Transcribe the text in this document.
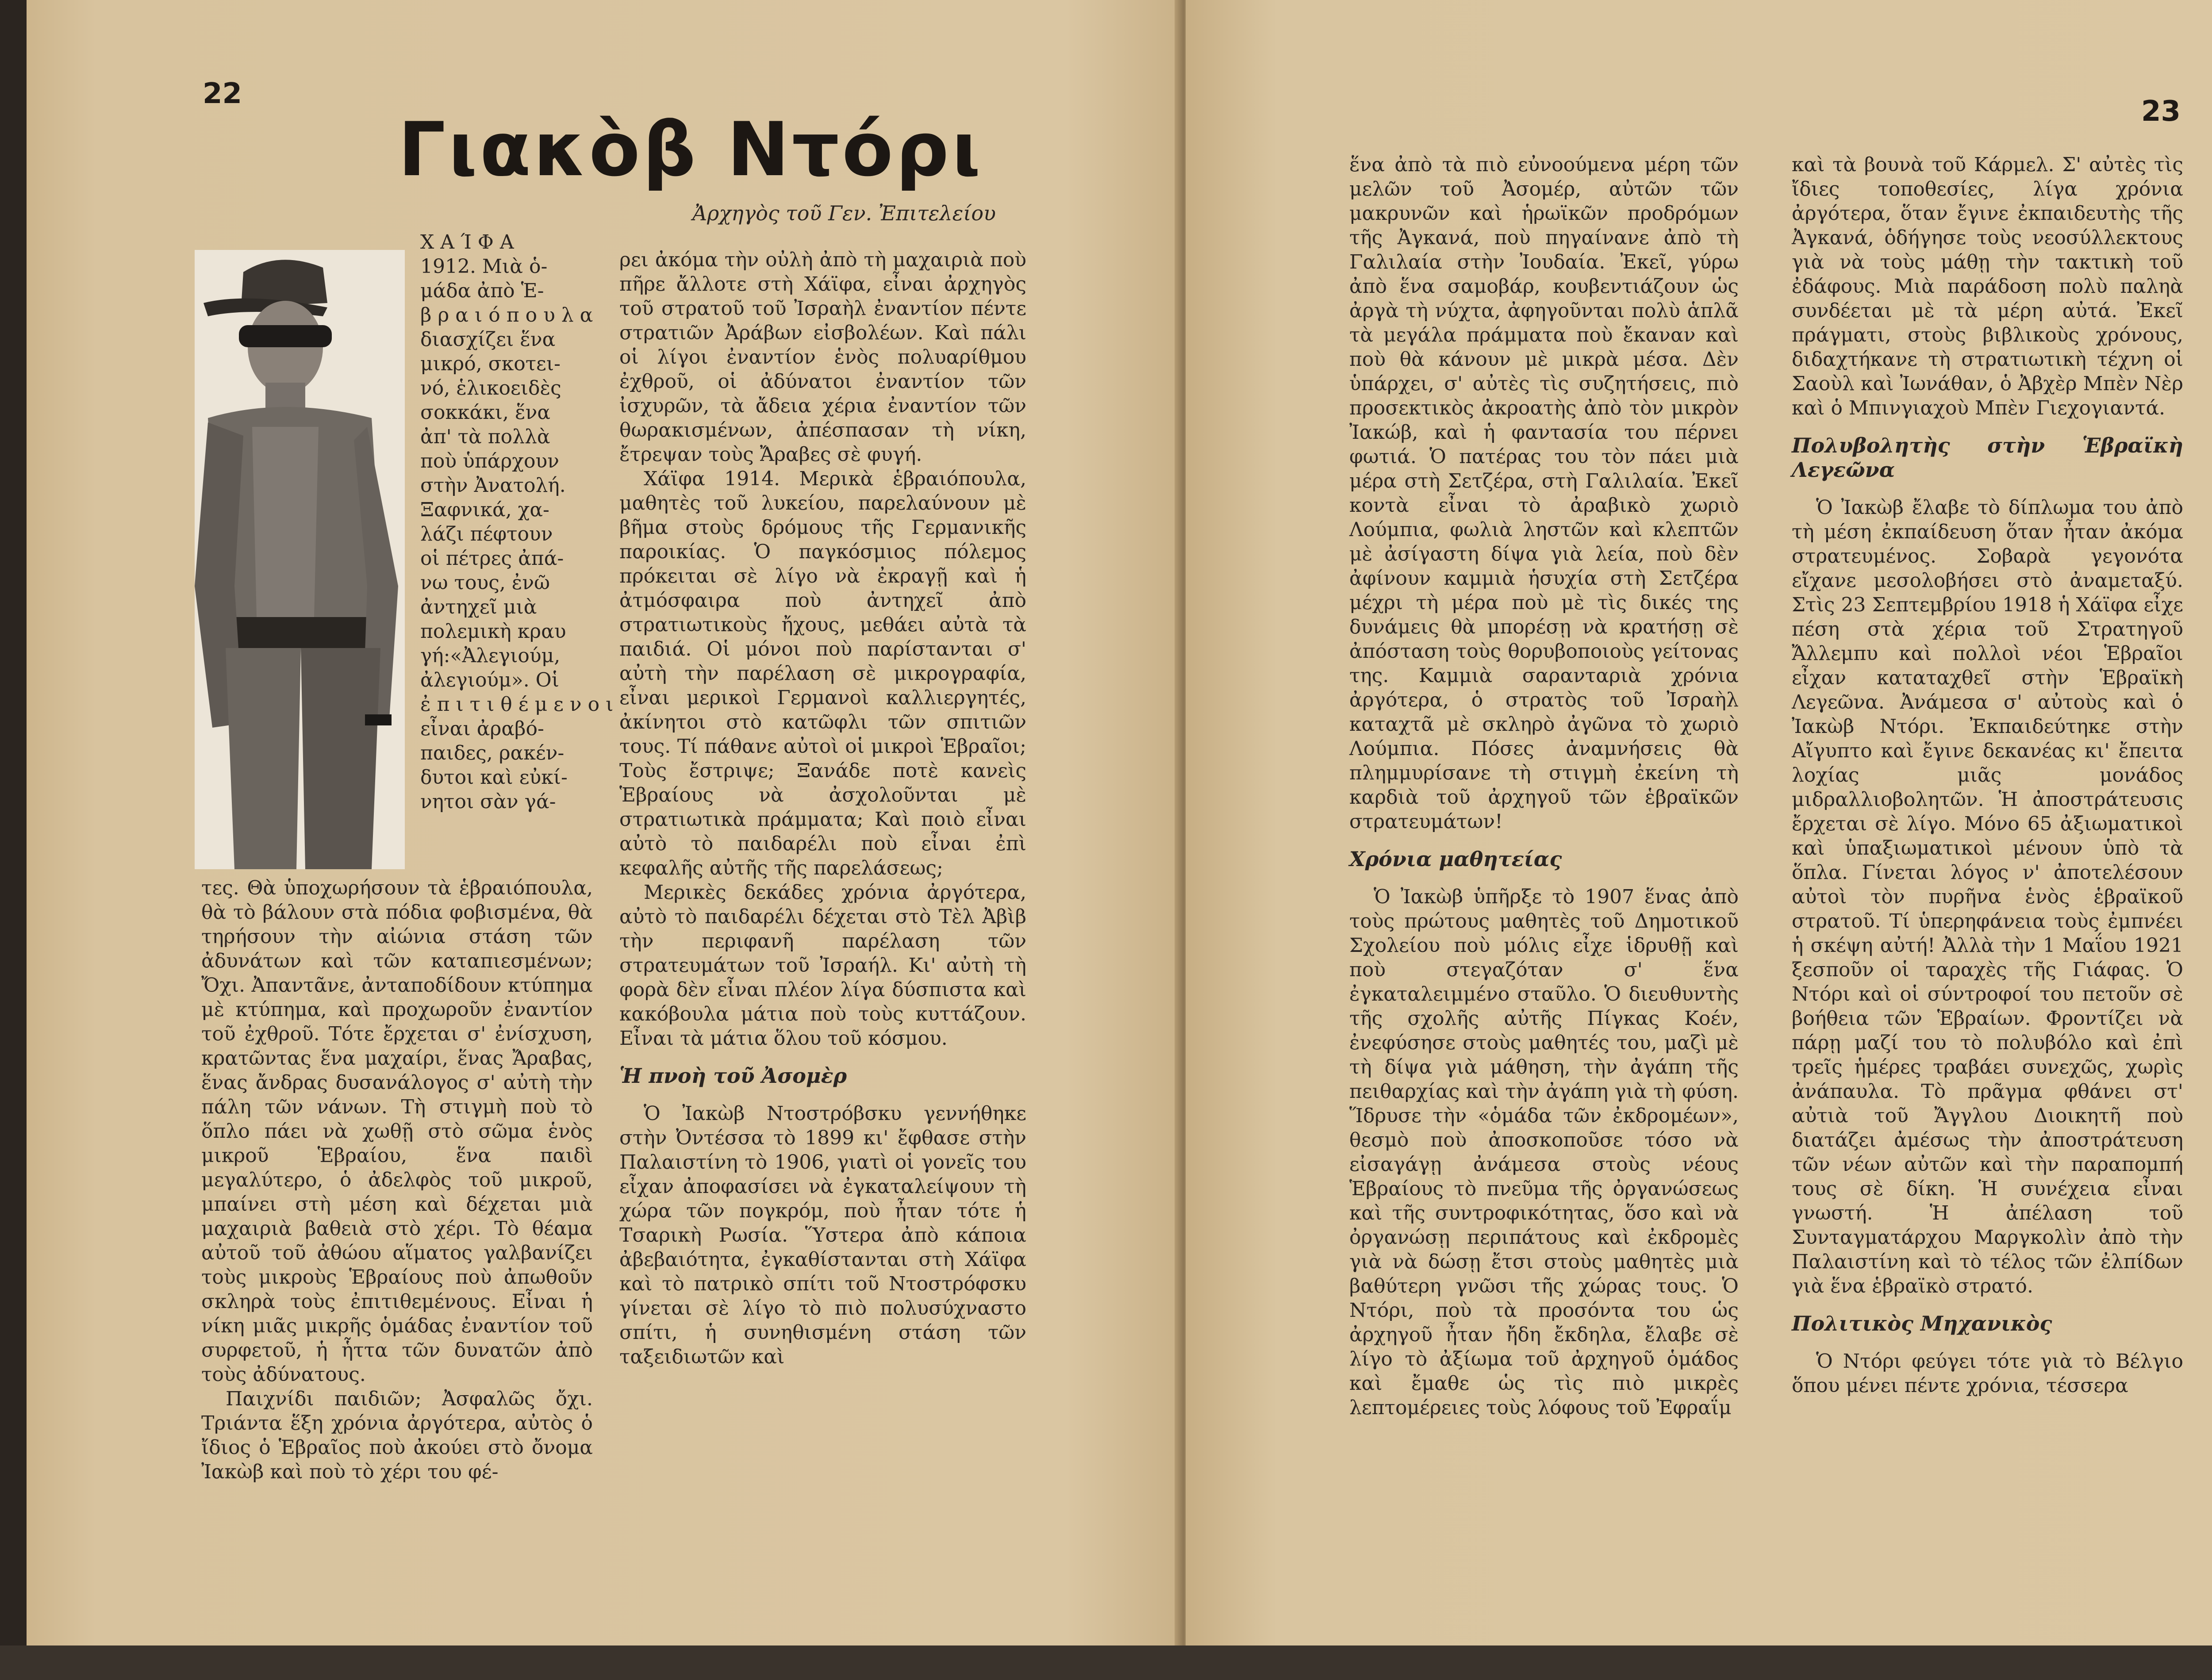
22
Γιακὸβ Ντόρι
Ἀρχηγὸς τοῦ Γεν. Ἐπιτελείου
Χ Α Ί Φ Α
1912. Μιὰ ὁ-
μάδα ἀπὸ Ἑ-
β ρ α ι ό π ο υ λ α
διασχίζει ἕνα
μικρό, σκοτει-
νό, ἑλικοειδὲς
σοκκάκι, ἕνα
ἀπ' τὰ πολλὰ
ποὺ ὑπάρχουν
στὴν Ἀνατολή.
Ξαφνικά, χα-
λάζι πέφτουν
οἱ πέτρες ἀπά-
νω τους, ἐνῶ
ἀντηχεῖ μιὰ
πολεμικὴ κραυ
γή:«Ἀλεγιούμ,
ἀλεγιούμ». Οἱ
ἐ π ι τ ι θ έ μ ε ν ο ι
εἶναι ἀραβό-
παιδες, ρακέν-
δυτοι καὶ εὐκί-
νητοι σὰν γά-

τες. Θὰ ὑποχωρήσουν τὰ ἑβραιόπουλα, θὰ τὸ βάλουν στὰ πόδια φοβισμένα, θὰ τηρήσουν τὴν αἰώνια στάση τῶν ἀδυνάτων καὶ τῶν καταπιεσμένων; Ὄχι. Ἀπαντᾶνε, ἀνταποδίδουν κτύπημα μὲ κτύπημα, καὶ προχωροῦν ἐναντίον τοῦ ἐχθροῦ. Τότε ἔρχεται σ' ἐνίσχυση, κρατῶντας ἕνα μαχαίρι, ἕνας Ἄραβας, ἕνας ἄνδρας δυσανάλογος σ' αὐτὴ τὴν πάλη τῶν νάνων. Τὴ στιγμὴ ποὺ τὸ ὅπλο πάει νὰ χωθῇ στὸ σῶμα ἑνὸς μικροῦ Ἑβραίου, ἕνα παιδὶ μεγαλύτερο, ὁ ἀδελφὸς τοῦ μικροῦ, μπαίνει στὴ μέση καὶ δέχεται μιὰ μαχαιριὰ βαθειὰ στὸ χέρι. Τὸ θέαμα αὐτοῦ τοῦ ἀθώου αἵματος γαλβανίζει τοὺς μικροὺς Ἑβραίους ποὺ ἀπωθοῦν σκληρὰ τοὺς ἐπιτιθεμένους. Εἶναι ἡ νίκη μιᾶς μικρῆς ὁμάδας ἐναντίον τοῦ συρφετοῦ, ἡ ἧττα τῶν δυνατῶν ἀπὸ τοὺς ἀδύνατους.

Παιχνίδι παιδιῶν; Ἀσφαλῶς ὄχι. Τριάντα ἕξη χρόνια ἀργότερα, αὐτὸς ὁ ἴδιος ὁ Ἑβραῖος ποὺ ἀκούει στὸ ὄνομα Ἰακὼβ καὶ ποὺ τὸ χέρι του φέ-

ρει ἀκόμα τὴν οὐλὴ ἀπὸ τὴ μαχαιριὰ ποὺ πῆρε ἄλλοτε στὴ Χάϊφα, εἶναι ἀρχηγὸς τοῦ στρατοῦ τοῦ Ἰσραὴλ ἐναντίον πέντε στρατιῶν Ἀράβων εἰσβολέων. Καὶ πάλι οἱ λίγοι ἐναντίον ἑνὸς πολυαρίθμου ἐχθροῦ, οἱ ἀδύνατοι ἐναντίον τῶν ἰσχυρῶν, τὰ ἄδεια χέρια ἐναντίον τῶν θωρακισμένων, ἀπέσπασαν τὴ νίκη, ἔτρεψαν τοὺς Ἄραβες σὲ φυγή.

Χάϊφα 1914. Μερικὰ ἑβραιόπουλα, μαθητὲς τοῦ λυκείου, παρελαύνουν μὲ βῆμα στοὺς δρόμους τῆς Γερμανικῆς παροικίας. Ὁ παγκόσμιος πόλεμος πρόκειται σὲ λίγο νὰ ἐκραγῇ καὶ ἡ ἀτμόσφαιρα ποὺ ἀντηχεῖ ἀπὸ στρατιωτικοὺς ἤχους, μεθάει αὐτὰ τὰ παιδιά. Οἱ μόνοι ποὺ παρίστανται σ' αὐτὴ τὴν παρέλαση σὲ μικρογραφία, εἶναι μερικοὶ Γερμανοὶ καλλιεργητές, ἀκίνητοι στὸ κατῶφλι τῶν σπιτιῶν τους. Τί πάθανε αὐτοὶ οἱ μικροὶ Ἑβραῖοι; Τοὺς ἔστριψε; Ξανάδε ποτὲ κανεὶς Ἑβραίους νὰ ἀσχολοῦνται μὲ στρατιωτικὰ πράμματα; Καὶ ποιὸ εἶναι αὐτὸ τὸ παιδαρέλι ποὺ εἶναι ἐπὶ κεφαλῆς αὐτῆς τῆς παρελάσεως;

Μερικὲς δεκάδες χρόνια ἀργότερα, αὐτὸ τὸ παιδαρέλι δέχεται στὸ Τὲλ Ἀβὶβ τὴν περιφανῆ παρέλαση τῶν στρατευμάτων τοῦ Ἰσραήλ. Κι' αὐτὴ τὴ φορὰ δὲν εἶναι πλέον λίγα δύσπιστα καὶ κακόβουλα μάτια ποὺ τοὺς κυττάζουν. Εἶναι τὰ μάτια ὅλου τοῦ κόσμου.

Ἡ πνοὴ τοῦ Ἀσομὲρ

Ὁ Ἰακὼβ Ντοστρόβσκυ γεννήθηκε στὴν Ὀντέσσα τὸ 1899 κι' ἔφθασε στὴν Παλαιστίνη τὸ 1906, γιατὶ οἱ γονεῖς του εἶχαν ἀποφασίσει νὰ ἐγκαταλείψουν τὴ χώρα τῶν πογκρόμ, ποὺ ἦταν τότε ἡ Τσαρικὴ Ρωσία. Ὕστερα ἀπὸ κάποια ἀβεβαιότητα, ἐγκαθίστανται στὴ Χάϊφα καὶ τὸ πατρικὸ σπίτι τοῦ Ντοστρόφσκυ γίνεται σὲ λίγο τὸ πιὸ πολυσύχναστο σπίτι, ἡ συνηθισμένη στάση τῶν ταξειδιωτῶν καὶ

23

ἕνα ἀπὸ τὰ πιὸ εὐνοούμενα μέρη τῶν μελῶν τοῦ Ἀσομέρ, αὐτῶν τῶν μακρυνῶν καὶ ἡρωϊκῶν προδρόμων τῆς Ἀγκανά, ποὺ πηγαίνανε ἀπὸ τὴ Γαλιλαία στὴν Ἰουδαία. Ἐκεῖ, γύρω ἀπὸ ἕνα σαμοβάρ, κουβεντιάζουν ὡς ἀργὰ τὴ νύχτα, ἀφηγοῦνται πολὺ ἁπλᾶ τὰ μεγάλα πράμματα ποὺ ἔκαναν καὶ ποὺ θὰ κάνουν μὲ μικρὰ μέσα. Δὲν ὑπάρχει, σ' αὐτὲς τὶς συζητήσεις, πιὸ προσεκτικὸς ἀκροατὴς ἀπὸ τὸν μικρὸν Ἰακώβ, καὶ ἡ φαντασία του πέρνει φωτιά. Ὁ πατέρας του τὸν πάει μιὰ μέρα στὴ Σετζέρα, στὴ Γαλιλαία. Ἐκεῖ κοντὰ εἶναι τὸ ἀραβικὸ χωριὸ Λούμπια, φωλιὰ ληστῶν καὶ κλεπτῶν μὲ ἀσίγαστη δίψα γιὰ λεία, ποὺ δὲν ἀφίνουν καμμιὰ ἡσυχία στὴ Σετζέρα μέχρι τὴ μέρα ποὺ μὲ τὶς δικές της δυνάμεις θὰ μπορέσῃ νὰ κρατήσῃ σὲ ἀπόσταση τοὺς θορυβοποιοὺς γείτονας της. Καμμιὰ σαρανταριὰ χρόνια ἀργότερα, ὁ στρατὸς τοῦ Ἰσραὴλ καταχτᾶ μὲ σκληρὸ ἀγῶνα τὸ χωριὸ Λούμπια. Πόσες ἀναμνήσεις θὰ πλημμυρίσανε τὴ στιγμὴ ἐκείνη τὴ καρδιὰ τοῦ ἀρχηγοῦ τῶν ἑβραϊκῶν στρατευμάτων!

Χρόνια μαθητείας

Ὁ Ἰακὼβ ὑπῆρξε τὸ 1907 ἕνας ἀπὸ τοὺς πρώτους μαθητὲς τοῦ Δημοτικοῦ Σχολείου ποὺ μόλις εἶχε ἱδρυθῇ καὶ ποὺ στεγαζόταν σ' ἕνα ἐγκαταλειμμένο σταῦλο. Ὁ διευθυντὴς τῆς σχολῆς αὐτῆς Πίγκας Κοέν, ἐνεφύσησε στοὺς μαθητές του, μαζὶ μὲ τὴ δίψα γιὰ μάθηση, τὴν ἀγάπη τῆς πειθαρχίας καὶ τὴν ἀγάπη γιὰ τὴ φύση. Ἵδρυσε τὴν «ὁμάδα τῶν ἐκδρομέων», θεσμὸ ποὺ ἀποσκοποῦσε τόσο νὰ εἰσαγάγῃ ἀνάμεσα στοὺς νέους Ἑβραίους τὸ πνεῦμα τῆς ὀργανώσεως καὶ τῆς συντροφικότητας, ὅσο καὶ νὰ ὀργανώσῃ περιπάτους καὶ ἐκδρομὲς γιὰ νὰ δώσῃ ἔτσι στοὺς μαθητὲς μιὰ βαθύτερη γνῶσι τῆς χώρας τους. Ὁ Ντόρι, ποὺ τὰ προσόντα του ὡς ἀρχηγοῦ ἦταν ἤδη ἔκδηλα, ἔλαβε σὲ λίγο τὸ ἀξίωμα τοῦ ἀρχηγοῦ ὁμάδος καὶ ἔμαθε ὡς τὶς πιὸ μικρὲς λεπτομέρειες τοὺς λόφους τοῦ Ἐφραΐμ

καὶ τὰ βουνὰ τοῦ Κάρμελ. Σ' αὐτὲς τὶς ἴδιες τοποθεσίες, λίγα χρόνια ἀργότερα, ὅταν ἔγινε ἐκπαιδευτὴς τῆς Ἀγκανά, ὁδήγησε τοὺς νεοσύλλεκτους γιὰ νὰ τοὺς μάθῃ τὴν τακτικὴ τοῦ ἐδάφους. Μιὰ παράδοση πολὺ παληὰ συνδέεται μὲ τὰ μέρη αὐτά. Ἐκεῖ πράγματι, στοὺς βιβλικοὺς χρόνους, διδαχτήκανε τὴ στρατιωτικὴ τέχνη οἱ Σαοὺλ καὶ Ἰωνάθαν, ὁ Ἀβχὲρ Μπὲν Νὲρ καὶ ὁ Μπινγιαχοὺ Μπὲν Γιεχογιαντά.

Πολυβολητὴς στὴν Ἑβραϊκὴ Λεγεῶνα

Ὁ Ἰακὼβ ἔλαβε τὸ δίπλωμα του ἀπὸ τὴ μέση ἐκπαίδευση ὅταν ἦταν ἀκόμα στρατευμένος. Σοβαρὰ γεγονότα εἴχανε μεσολοβήσει στὸ ἀναμεταξύ. Στὶς 23 Σεπτεμβρίου 1918 ἡ Χάϊφα εἶχε πέση στὰ χέρια τοῦ Στρατηγοῦ Ἄλλεμπυ καὶ πολλοὶ νέοι Ἑβραῖοι εἶχαν καταταχθεῖ στὴν Ἑβραϊκὴ Λεγεῶνα. Ἀνάμεσα σ' αὐτοὺς καὶ ὁ Ἰακὼβ Ντόρι. Ἐκπαιδεύτηκε στὴν Αἴγυπτο καὶ ἔγινε δεκανέας κι' ἔπειτα λοχίας μιᾶς μονάδος μιδραλλιοβολητῶν. Ἡ ἀποστράτευσις ἔρχεται σὲ λίγο. Μόνο 65 ἀξιωματικοὶ καὶ ὑπαξιωματικοὶ μένουν ὑπὸ τὰ ὅπλα. Γίνεται λόγος ν' ἀποτελέσουν αὐτοὶ τὸν πυρῆνα ἑνὸς ἑβραϊκοῦ στρατοῦ. Τί ὑπερηφάνεια τοὺς ἐμπνέει ἡ σκέψη αὐτή! Ἀλλὰ τὴν 1 Μαΐου 1921 ξεσποῦν οἱ ταραχὲς τῆς Γιάφας. Ὁ Ντόρι καὶ οἱ σύντροφοί του πετοῦν σὲ βοήθεια τῶν Ἑβραίων. Φροντίζει νὰ πάρῃ μαζί του τὸ πολυβόλο καὶ ἐπὶ τρεῖς ἡμέρες τραβάει συνεχῶς, χωρὶς ἀνάπαυλα. Τὸ πρᾶγμα φθάνει στ' αὐτιὰ τοῦ Ἄγγλου Διοικητῆ ποὺ διατάζει ἀμέσως τὴν ἀποστράτευση τῶν νέων αὐτῶν καὶ τὴν παραπομπή τους σὲ δίκη. Ἡ συνέχεια εἶναι γνωστή. Ἡ ἀπέλαση τοῦ Συνταγματάρχου Μαργκολὶν ἀπὸ τὴν Παλαιστίνη καὶ τὸ τέλος τῶν ἐλπίδων γιὰ ἕνα ἑβραϊκὸ στρατό.

Πολιτικὸς Μηχανικὸς

Ὁ Ντόρι φεύγει τότε γιὰ τὸ Βέλγιο ὅπου μένει πέντε χρόνια, τέσσερα
